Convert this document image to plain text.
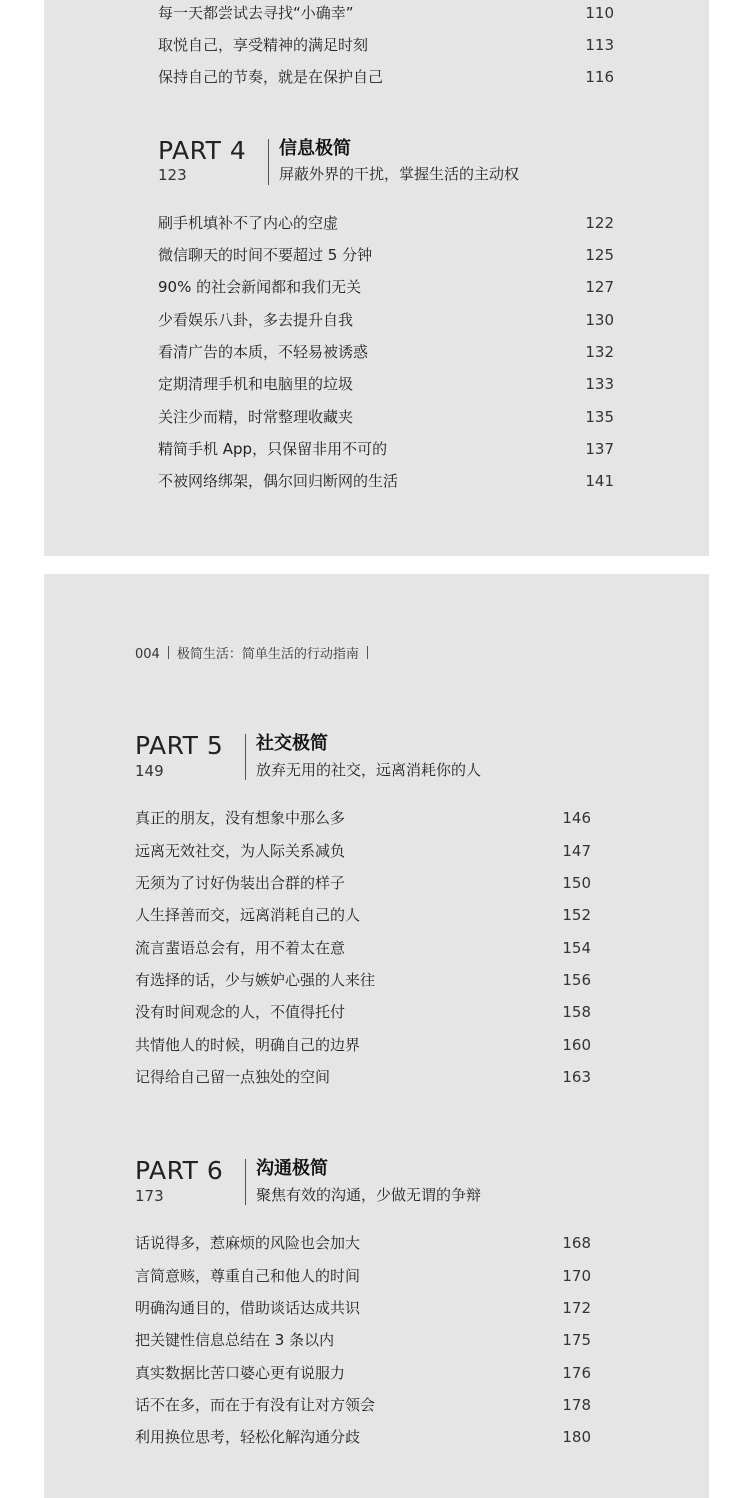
每一天都尝试去寻找“小确幸”	110
取悦自己，享受精神的满足时刻	113
保持自己的节奏，就是在保护自己	116
PART 4
123
信息极简
屏蔽外界的干扰，掌握生活的主动权
刷手机填补不了内心的空虚	122
微信聊天的时间不要超过 5 分钟	125
90% 的社会新闻都和我们无关	127
少看娱乐八卦，多去提升自我	130
看清广告的本质，不轻易被诱惑	132
定期清理手机和电脑里的垃圾	133
关注少而精，时常整理收藏夹	135
精简手机 App，只保留非用不可的	137
不被网络绑架，偶尔回归断网的生活	141
004 极简生活：简单生活的行动指南
PART 5
149
社交极简
放弃无用的社交，远离消耗你的人
真正的朋友，没有想象中那么多	146
远离无效社交，为人际关系减负	147
无须为了讨好伪装出合群的样子	150
人生择善而交，远离消耗自己的人	152
流言蜚语总会有，用不着太在意	154
有选择的话，少与嫉妒心强的人来往	156
没有时间观念的人，不值得托付	158
共情他人的时候，明确自己的边界	160
记得给自己留一点独处的空间	163
PART 6
173
沟通极简
聚焦有效的沟通，少做无谓的争辩
话说得多，惹麻烦的风险也会加大	168
言简意赅，尊重自己和他人的时间	170
明确沟通目的，借助谈话达成共识	172
把关键性信息总结在 3 条以内	175
真实数据比苦口婆心更有说服力	176
话不在多，而在于有没有让对方领会	178
利用换位思考，轻松化解沟通分歧	180
